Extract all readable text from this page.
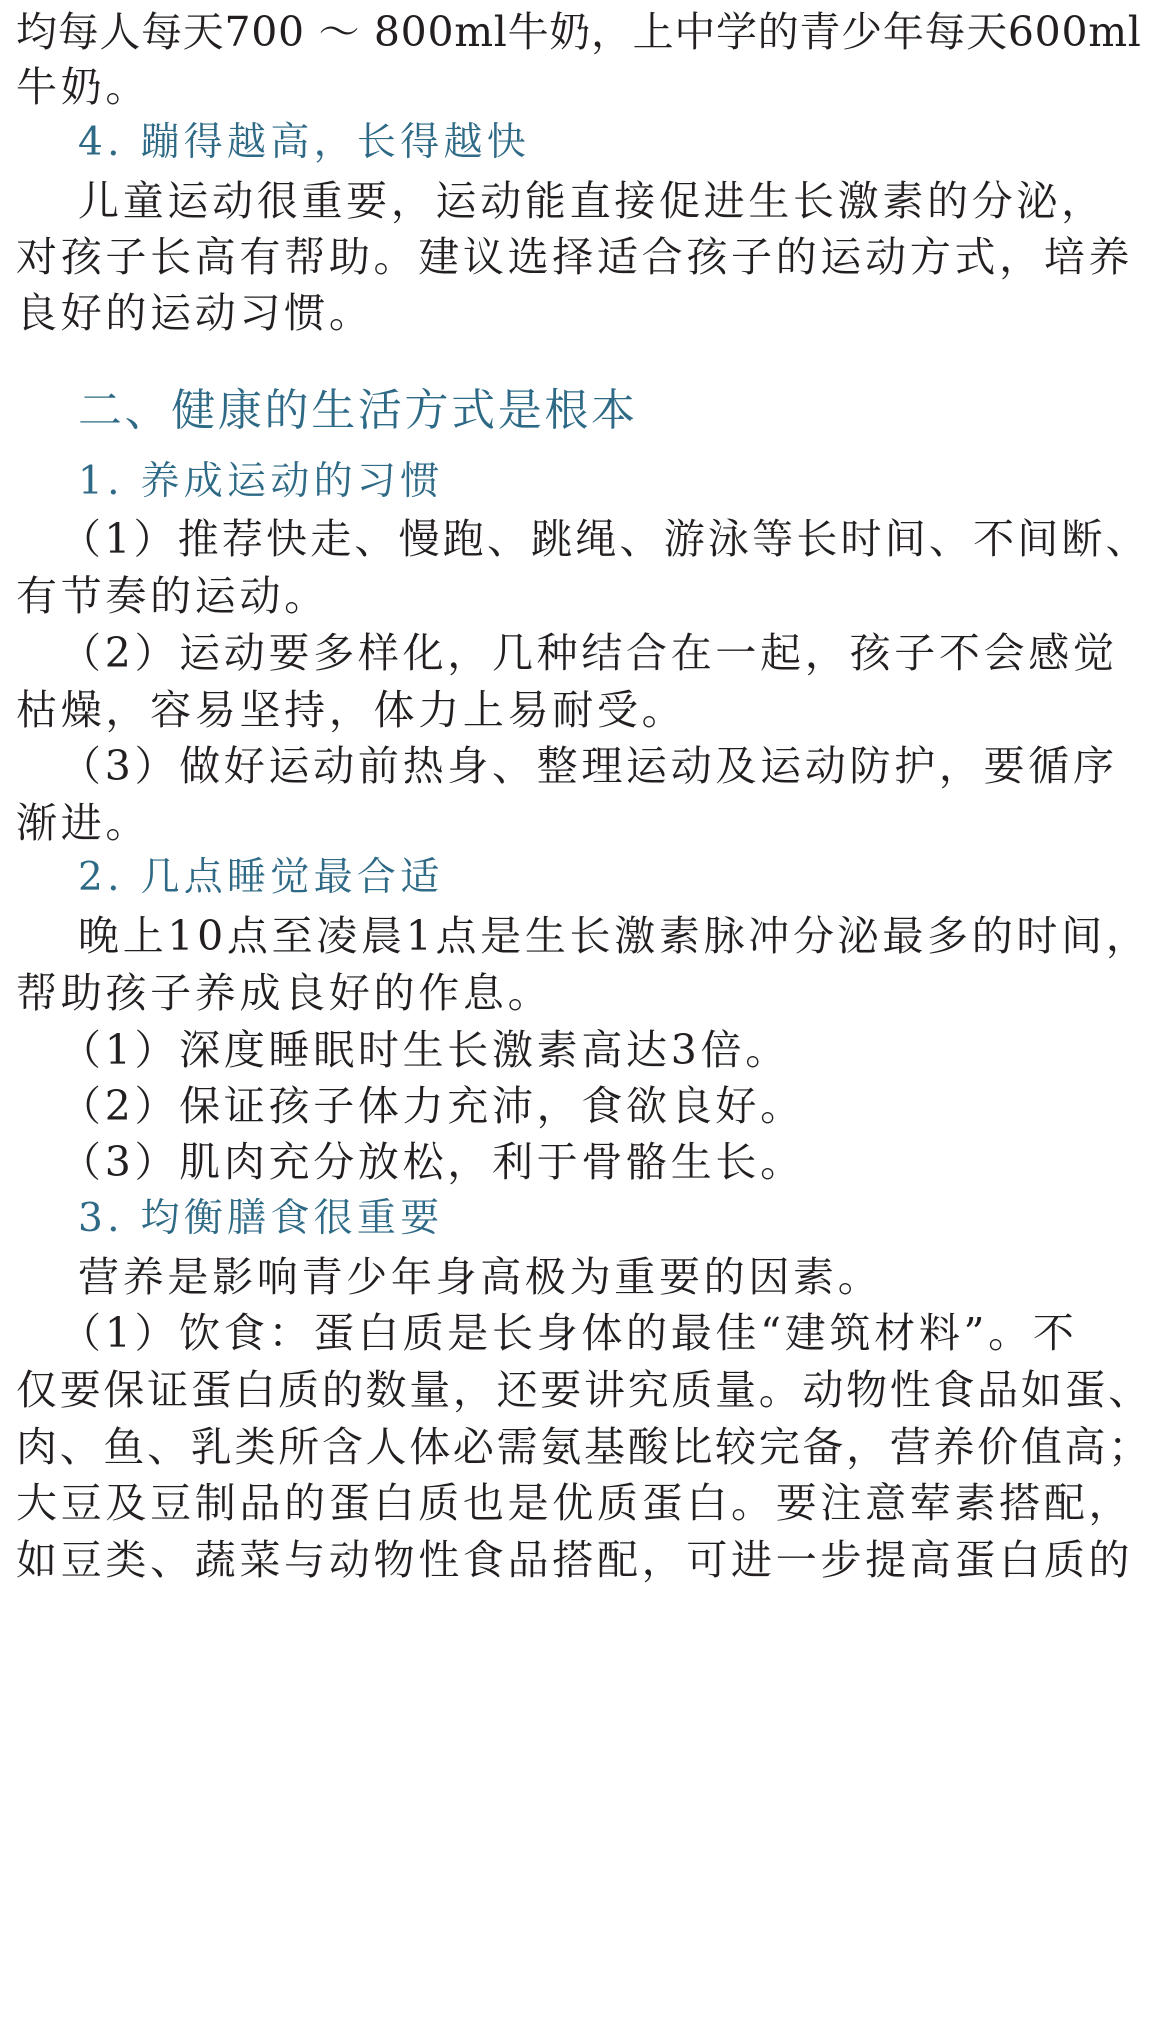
均每人每天700 ～ 800ml牛奶，上中学的青少年每天600ml
牛奶。
4. 蹦得越高，长得越快
儿童运动很重要，运动能直接促进生长激素的分泌，
对孩子长高有帮助。建议选择适合孩子的运动方式，培养
良好的运动习惯。
二、健康的生活方式是根本
1. 养成运动的习惯
（1）推荐快走、慢跑、跳绳、游泳等长时间、不间断、
有节奏的运动。
（2）运动要多样化，几种结合在一起，孩子不会感觉
枯燥，容易坚持，体力上易耐受。
（3）做好运动前热身、整理运动及运动防护，要循序
渐进。
2. 几点睡觉最合适
晚上10点至凌晨1点是生长激素脉冲分泌最多的时间，
帮助孩子养成良好的作息。
（1）深度睡眠时生长激素高达3倍。
（2）保证孩子体力充沛，食欲良好。
（3）肌肉充分放松，利于骨骼生长。
3. 均衡膳食很重要
营养是影响青少年身高极为重要的因素。
（1）饮食：蛋白质是长身体的最佳“建筑材料”。不
仅要保证蛋白质的数量，还要讲究质量。动物性食品如蛋、
肉、鱼、乳类所含人体必需氨基酸比较完备，营养价值高；
大豆及豆制品的蛋白质也是优质蛋白。要注意荤素搭配，
如豆类、蔬菜与动物性食品搭配，可进一步提高蛋白质的
